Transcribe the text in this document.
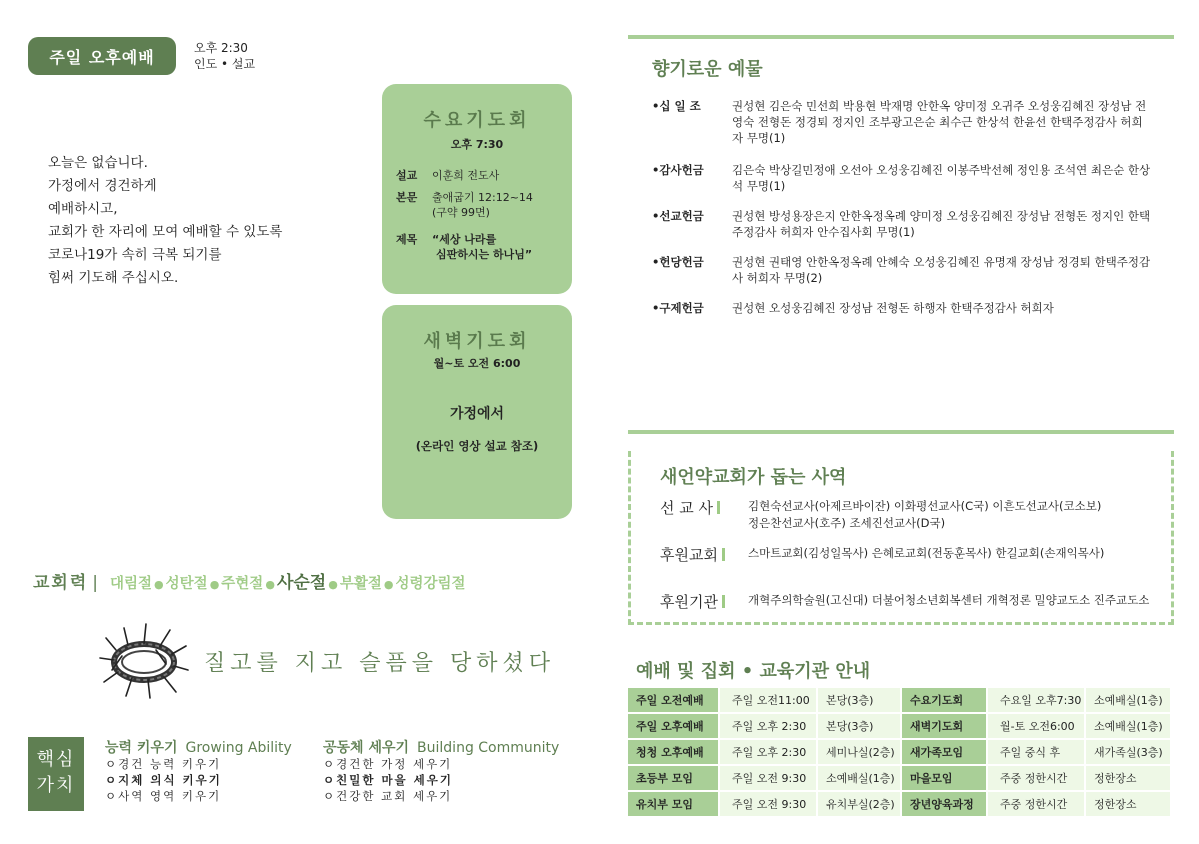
주일 오후예배	오후 2:30
인도 • 설교
오늘은 없습니다.
가정에서 경건하게
예배하시고,
교회가 한 자리에 모여 예배할 수 있도록
코로나19가 속히 극복 되기를
힘써 기도해 주십시오.
수요기도회
오후 7:30
설교	이훈희 전도사
본문	출애굽기 12:12~14
(구약 99면)
제목	“세상 나라를
심판하시는 하나님”
새벽기도회
월~토 오전 6:00
가정에서
(온라인 영상 설교 참조)
교회력 | 대림절 ● 성탄절 ● 주현절 ● 사순절 ● 부활절 ● 성령강림절
질고를 지고 슬픔을 당하셨다
핵심
가치
능력 키우기 Growing Ability
ㅇ경건 능력 키우기
ㅇ지체 의식 키우기
ㅇ사역 영역 키우기
공동체 세우기 Building Community
ㅇ경건한 가정 세우기
ㅇ친밀한 마을 세우기
ㅇ건강한 교회 세우기
향기로운 예물
•십 일 조	권성현 김은숙 민선희 박용현 박재명 안한옥 양미정 오귀주 오성웅김혜진 장성남 전영숙 전형돈 정경퇴 정지인 조부광고은순 최수근 한상석 한윤선 한택주정감사 허희자 무명(1)
•감사헌금	김은숙 박상길민정애 오선아 오성웅김혜진 이봉주박선혜 정인용 조석연 최은순 한상석 무명(1)
•선교헌금	권성현 방성용장은지 안한옥정옥례 양미정 오성웅김혜진 장성남 전형돈 정지인 한택주정감사 허희자 안수집사회 무명(1)
•헌당헌금	권성현 권태영 안한옥정옥례 안혜숙 오성웅김혜진 유명재 장성남 정경퇴 한택주정감사 허희자 무명(2)
•구제헌금	권성현 오성웅김혜진 장성남 전형돈 하행자 한택주정감사 허희자
새언약교회가 돕는 사역
선 교 사	김현숙선교사(아제르바이잔) 이화평선교사(C국) 이흔도선교사(코소보)
정은찬선교사(호주) 조세진선교사(D국)
후원교회	스마트교회(김성일목사) 은혜로교회(전동훈목사) 한길교회(손재익목사)
후원기관	개혁주의학술원(고신대) 더불어청소년회복센터 개혁정론 밀양교도소 진주교도소
예배 및 집회 • 교육기관 안내
주일 오전예배	주일 오전11:00	본당(3층)	수요기도회	수요일 오후7:30	소예배실(1층)
주일 오후예배	주일 오후 2:30	본당(3층)	새벽기도회	월-토 오전6:00	소예배실(1층)
청청 오후예배	주일 오후 2:30	세미나실(2층)	새가족모임	주일 중식 후	새가족실(3층)
초등부 모임	주일 오전 9:30	소예배실(1층)	마을모임	주중 정한시간	정한장소
유치부 모임	주일 오전 9:30	유치부실(2층)	장년양육과정	주중 정한시간	정한장소
